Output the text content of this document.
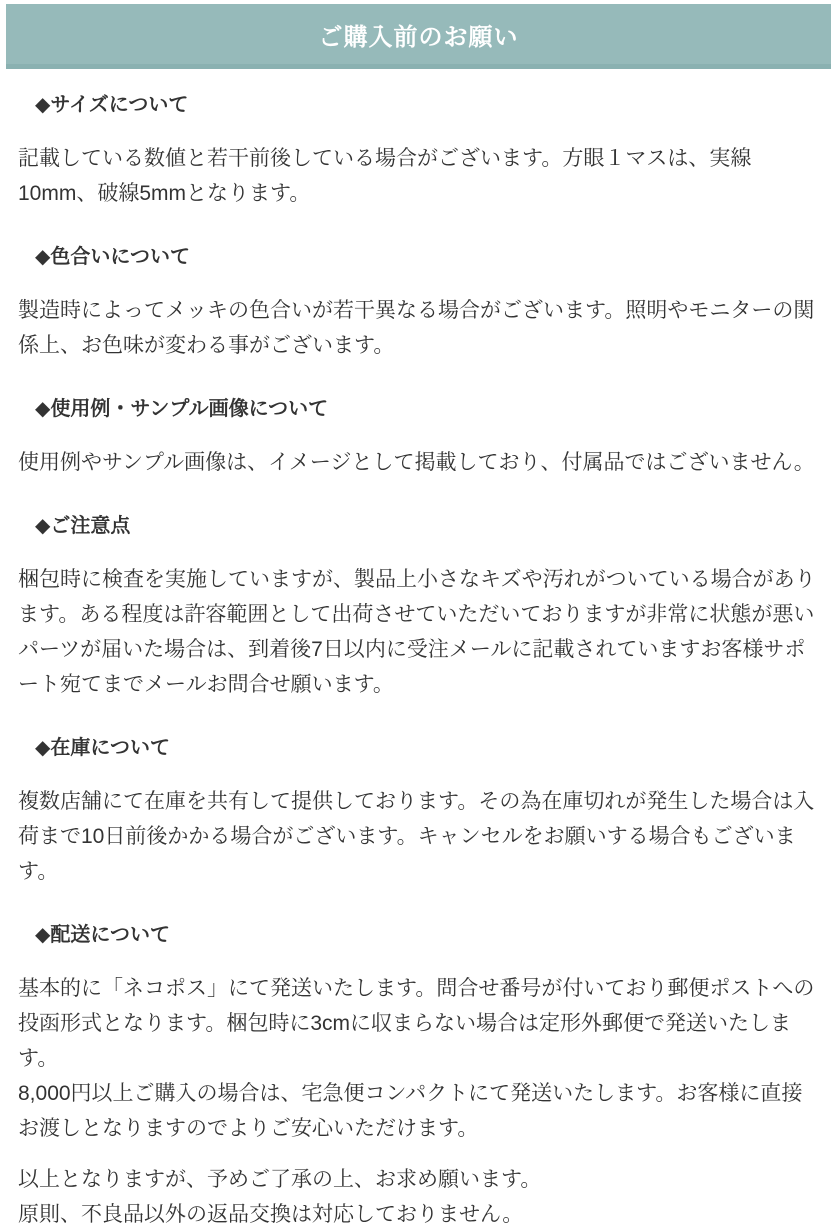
ご購入前のお願い
◆サイズについて

記載している数値と若干前後している場合がございます。方眼１マスは、実線10mm、破線5mmとなります。

◆色合いについて

製造時によってメッキの色合いが若干異なる場合がございます。照明やモニターの関係上、お色味が変わる事がございます。

◆使用例・サンプル画像について

使用例やサンプル画像は、イメージとして掲載しており、付属品ではございません。

◆ご注意点

梱包時に検査を実施していますが、製品上小さなキズや汚れがついている場合があります。ある程度は許容範囲として出荷させていただいておりますが非常に状態が悪いパーツが届いた場合は、到着後7日以内に受注メールに記載されていますお客様サポート宛てまでメールお問合せ願います。

◆在庫について

複数店舗にて在庫を共有して提供しております。その為在庫切れが発生した場合は入荷まで10日前後かかる場合がございます。キャンセルをお願いする場合もございます。

◆配送について

基本的に「ネコポス」にて発送いたします。問合せ番号が付いており郵便ポストへの投函形式となります。梱包時に3cmに収まらない場合は定形外郵便で発送いたします。
8,000円以上ご購入の場合は、宅急便コンパクトにて発送いたします。お客様に直接お渡しとなりますのでよりご安心いただけます。

以上となりますが、予めご了承の上、お求め願います。
原則、不良品以外の返品交換は対応しておりません。
